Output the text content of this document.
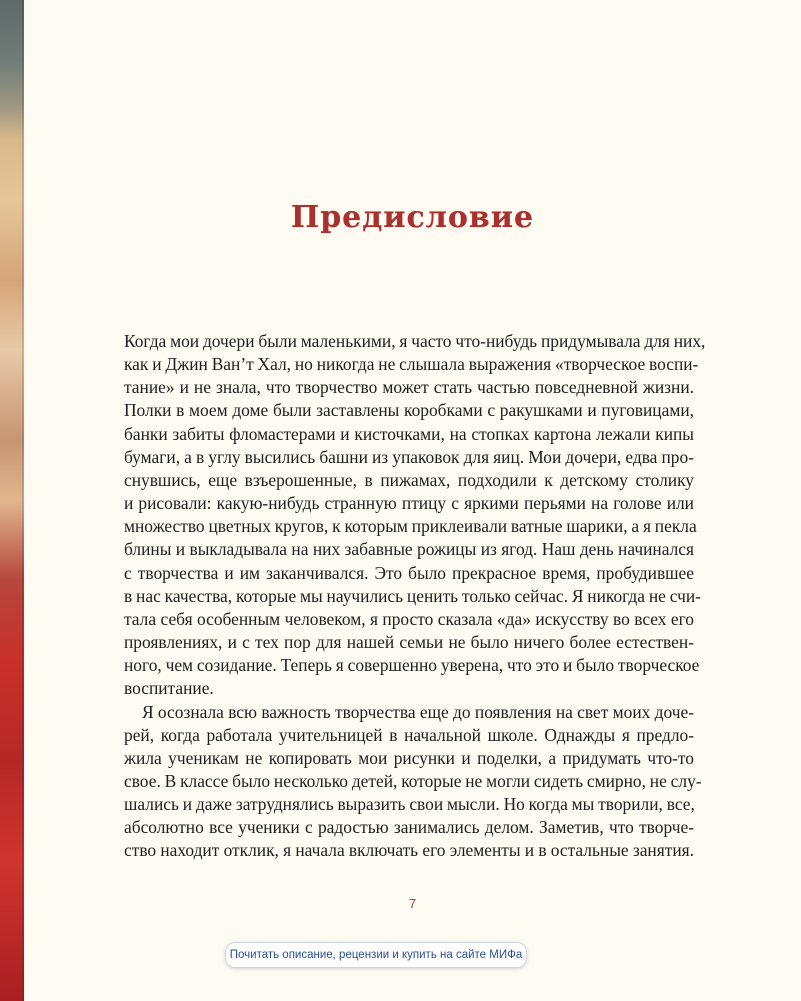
Предисловие
Когда мои дочери были маленькими, я часто что-нибудь придумывала для них,
как и Джин Ван’т Хал, но никогда не слышала выражения «творческое воспи-
тание» и не знала, что творчество может стать частью повседневной жизни.
Полки в моем доме были заставлены коробками с ракушками и пуговицами,
банки забиты фломастерами и кисточками, на стопках картона лежали кипы
бумаги, а в углу высились башни из упаковок для яиц. Мои дочери, едва про-
снувшись, еще взъерошенные, в пижамах, подходили к детскому столику
и рисовали: какую-нибудь странную птицу с яркими перьями на голове или
множество цветных кругов, к которым приклеивали ватные шарики, а я пекла
блины и выкладывала на них забавные рожицы из ягод. Наш день начинался
с творчества и им заканчивался. Это было прекрасное время, пробудившее
в нас качества, которые мы научились ценить только сейчас. Я никогда не счи-
тала себя особенным человеком, я просто сказала «да» искусству во всех его
проявлениях, и с тех пор для нашей семьи не было ничего более естествен-
ного, чем созидание. Теперь я совершенно уверена, что это и было творческое
воспитание.
Я осознала всю важность творчества еще до появления на свет моих доче-
рей, когда работала учительницей в начальной школе. Однажды я предло-
жила ученикам не копировать мои рисунки и поделки, а придумать что-то
свое. В классе было несколько детей, которые не могли сидеть смирно, не слу-
шались и даже затруднялись выразить свои мысли. Но когда мы творили, все,
абсолютно все ученики с радостью занимались делом. Заметив, что творче-
ство находит отклик, я начала включать его элементы и в остальные занятия.
7
Почитать описание, рецензии и купить на сайте МИФа
